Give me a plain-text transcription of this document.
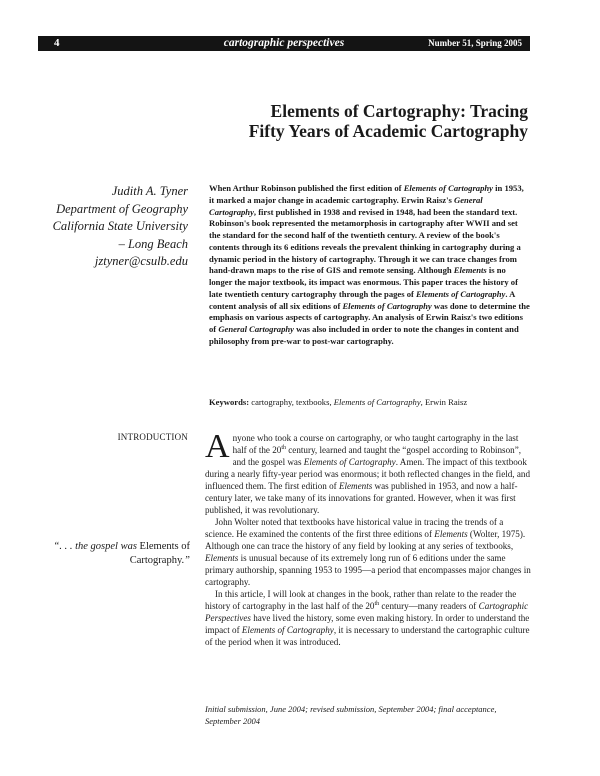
4	cartographic perspectives	Number 51, Spring 2005
Elements of Cartography: Tracing
Fifty Years of Academic Cartography
Judith A. Tyner
Department of Geography
California State University
– Long Beach
jztyner@csulb.edu
When Arthur Robinson published the first edition of Elements of Cartography in 1953, it marked a major change in academic cartography. Erwin Raisz's General Cartography, first published in 1938 and revised in 1948, had been the standard text. Robinson's book represented the metamorphosis in cartography after WWII and set the standard for the second half of the twentieth century. A review of the book's contents through its 6 editions reveals the prevalent thinking in cartography during a dynamic period in the history of cartography. Through it we can trace changes from hand-drawn maps to the rise of GIS and remote sensing. Although Elements is no longer the major textbook, its impact was enormous. This paper traces the history of late twentieth century cartography through the pages of Elements of Cartography. A content analysis of all six editions of Elements of Cartography was done to determine the emphasis on various aspects of cartography. An analysis of Erwin Raisz's two editions of General Cartography was also included in order to note the changes in content and philosophy from pre-war to post-war cartography.
Keywords: cartography, textbooks, Elements of Cartography, Erwin Raisz
INTRODUCTION
“. . . the gospel was Elements of Cartography.”

Anyone who took a course on cartography, or who taught cartography in the last half of the 20th century, learned and taught the “gospel according to Robinson”, and the gospel was Elements of Cartography. Amen. The impact of this textbook during a nearly fifty-year period was enormous; it both reflected changes in the field, and influenced them. The first edition of Elements was published in 1953, and now a half-century later, we take many of its innovations for granted. However, when it was first published, it was revolutionary.

John Wolter noted that textbooks have historical value in tracing the trends of a science. He examined the contents of the first three editions of Elements (Wolter, 1975). Although one can trace the history of any field by looking at any series of textbooks, Elements is unusual because of its extremely long run of 6 editions under the same primary authorship, spanning 1953 to 1995—a period that encompasses major changes in cartography.

In this article, I will look at changes in the book, rather than relate to the reader the history of cartography in the last half of the 20th century—many readers of Cartographic Perspectives have lived the history, some even making history. In order to understand the impact of Elements of Cartography, it is necessary to understand the cartographic culture of the period when it was introduced.

Initial submission, June 2004; revised submission, September 2004; final acceptance, September 2004
